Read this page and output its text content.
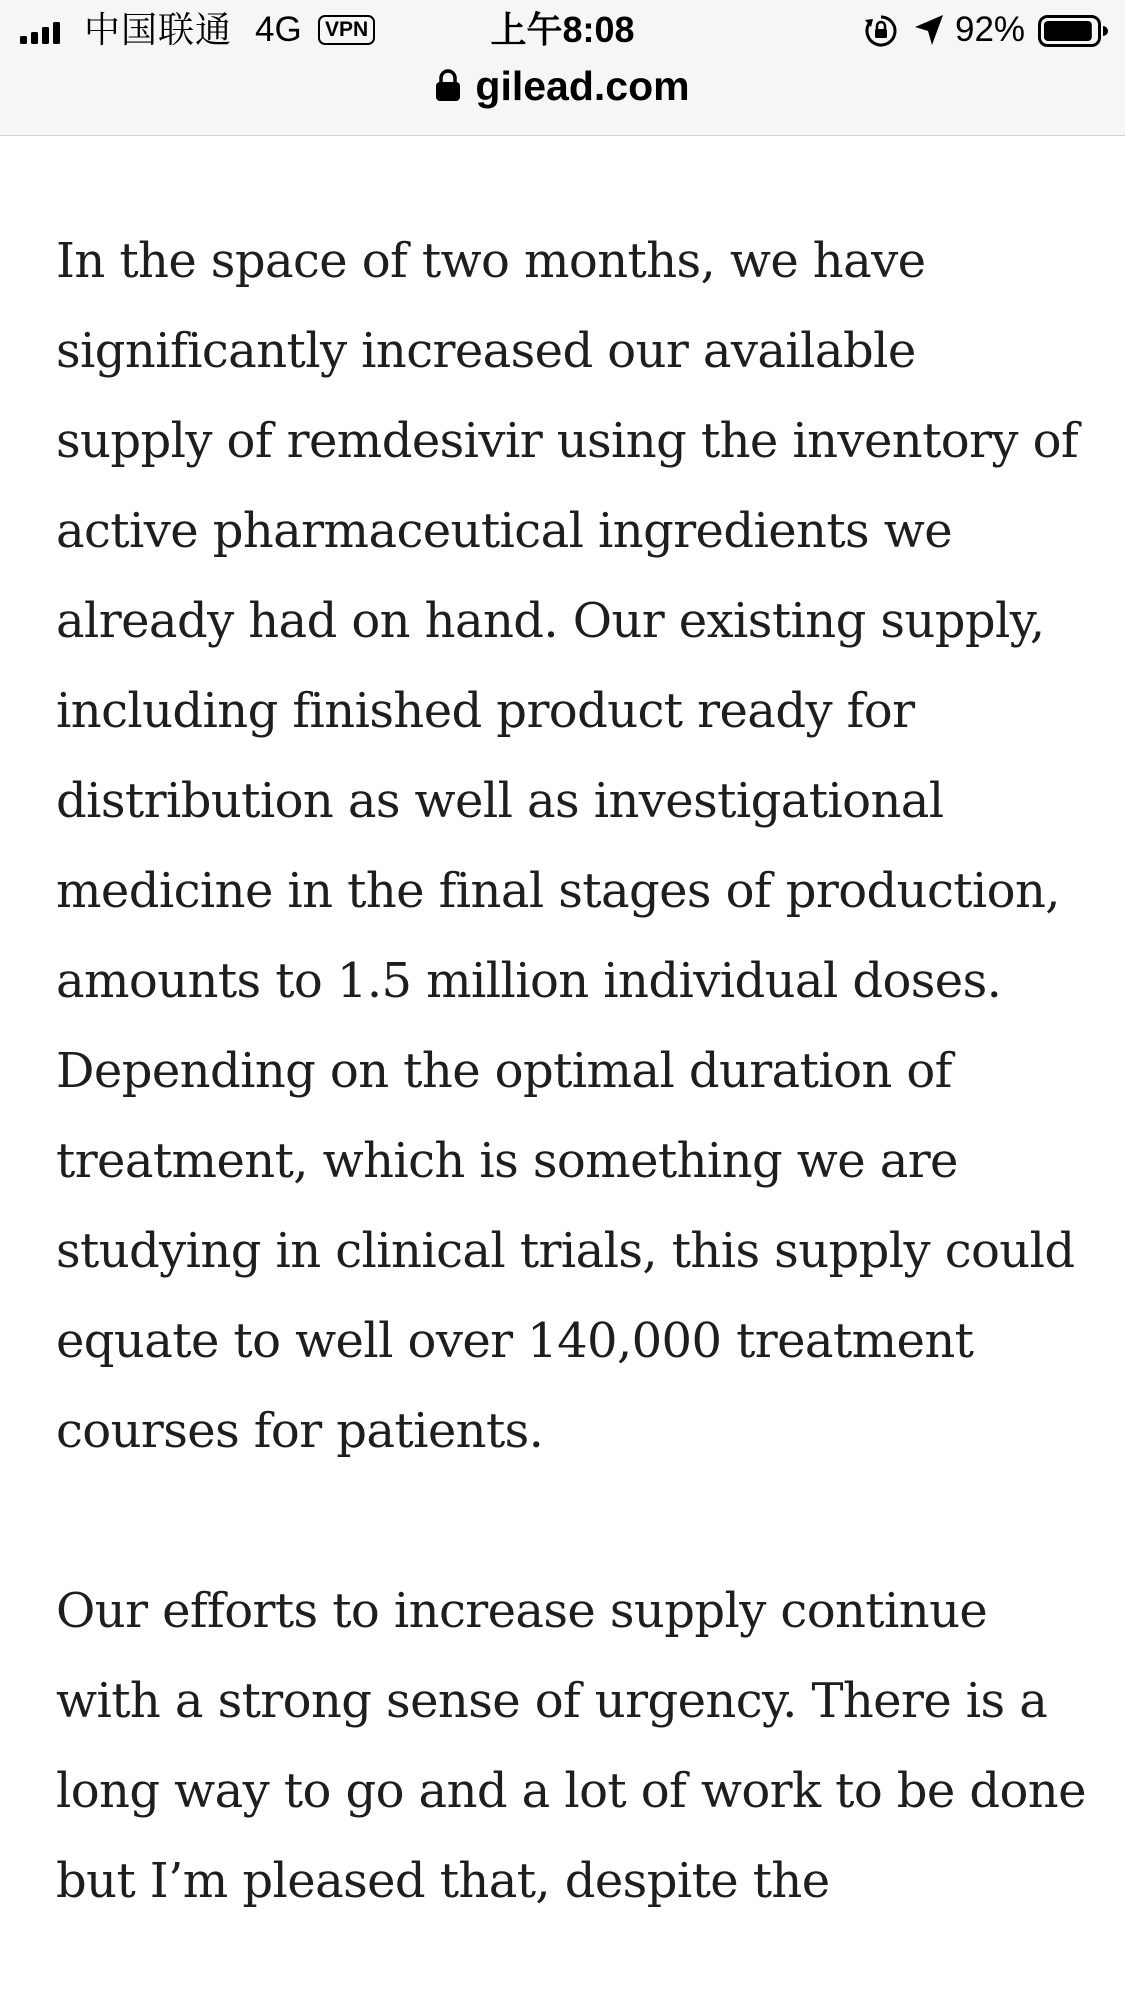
中国联通 4G	VPN	上午8:08	92%
gilead.com

In the space of two months, we have significantly increased our available supply of remdesivir using the inventory of active pharmaceutical ingredients we already had on hand. Our existing supply, including finished product ready for distribution as well as investigational medicine in the final stages of production, amounts to 1.5 million individual doses. Depending on the optimal duration of treatment, which is something we are studying in clinical trials, this supply could equate to well over 140,000 treatment courses for patients.

Our efforts to increase supply continue with a strong sense of urgency. There is a long way to go and a lot of work to be done but I’m pleased that, despite the
